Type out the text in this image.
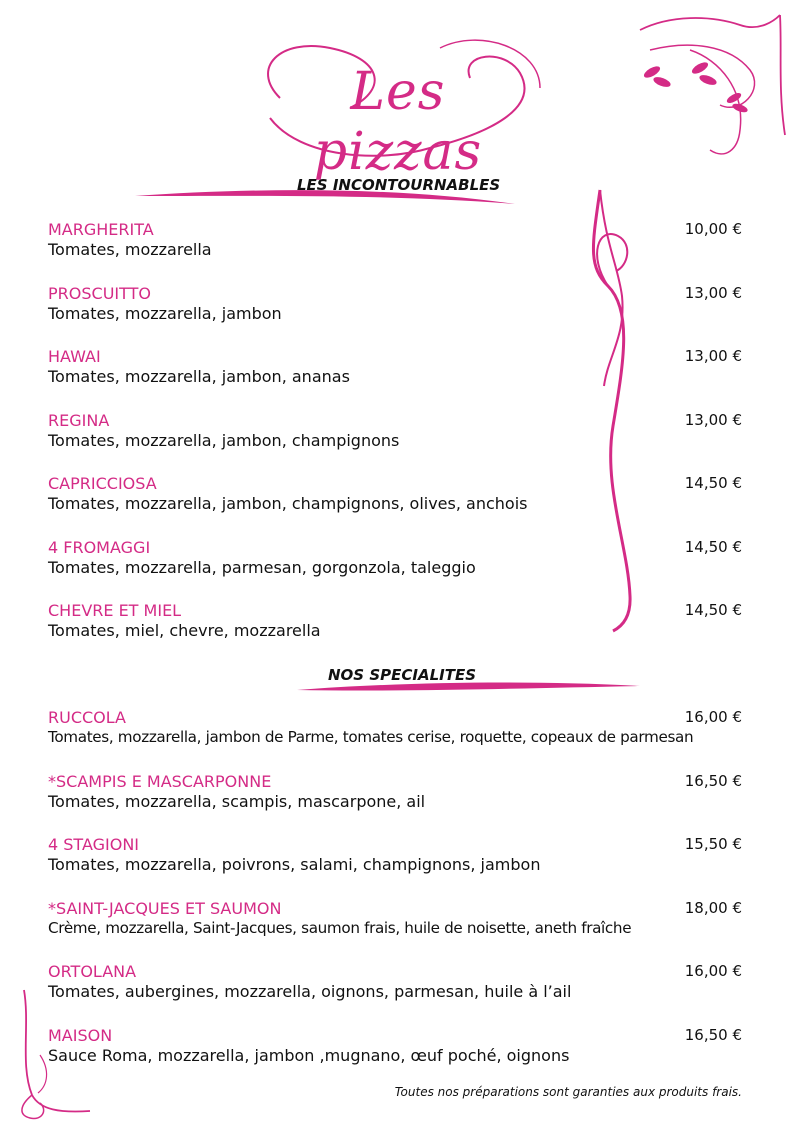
Les pizzas
LES INCONTOURNABLES
MARGHERITA	10,00 €
Tomates, mozzarella
PROSCUITTO	13,00 €
Tomates, mozzarella, jambon
HAWAI	13,00 €
Tomates, mozzarella, jambon, ananas
REGINA	13,00 €
Tomates, mozzarella, jambon, champignons
CAPRICCIOSA	14,50 €
Tomates, mozzarella, jambon, champignons, olives, anchois
4 FROMAGGI	14,50 €
Tomates, mozzarella, parmesan, gorgonzola, taleggio
CHEVRE ET MIEL	14,50 €
Tomates, miel, chevre, mozzarella
NOS SPECIALITES
RUCCOLA	16,00 €
Tomates, mozzarella, jambon de Parme, tomates cerise, roquette, copeaux de parmesan
*SCAMPIS E MASCARPONNE	16,50 €
Tomates, mozzarella, scampis, mascarpone, ail
4 STAGIONI	15,50 €
Tomates, mozzarella, poivrons, salami, champignons, jambon
*SAINT-JACQUES ET SAUMON	18,00 €
Crème, mozzarella, Saint-Jacques, saumon frais, huile de noisette, aneth fraîche
ORTOLANA	16,00 €
Tomates, aubergines, mozzarella, oignons, parmesan, huile à l’ail
MAISON	16,50 €
Sauce Roma, mozzarella, jambon ,mugnano, œuf poché, oignons
Toutes nos préparations sont garanties aux produits frais.
